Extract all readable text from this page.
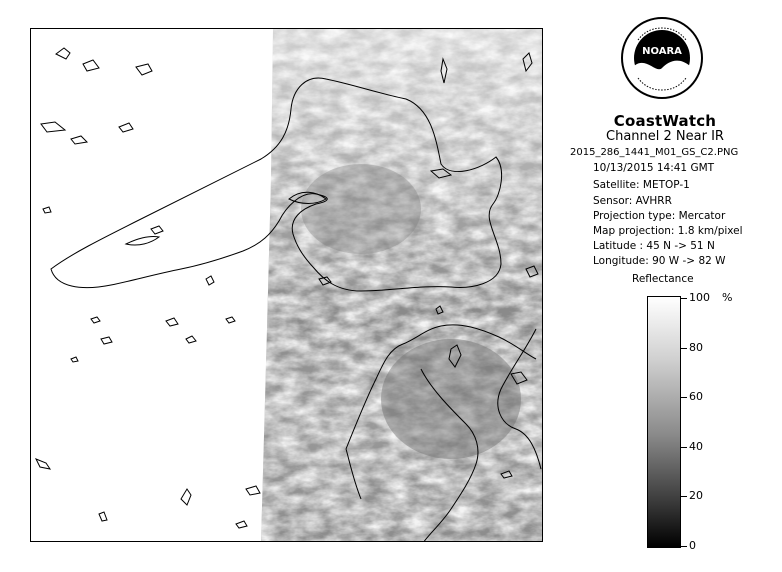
NOARA
CoastWatch
Channel 2 Near IR
2015_286_1441_M01_GS_C2.PNG
10/13/2015 14:41 GMT
Satellite: METOP-1
Sensor: AVHRR
Projection type: Mercator
Map projection: 1.8 km/pixel
Latitude : 45 N -> 51 N
Longitude: 90 W -> 82 W
Reflectance
%
100
80
60
40
20
0
